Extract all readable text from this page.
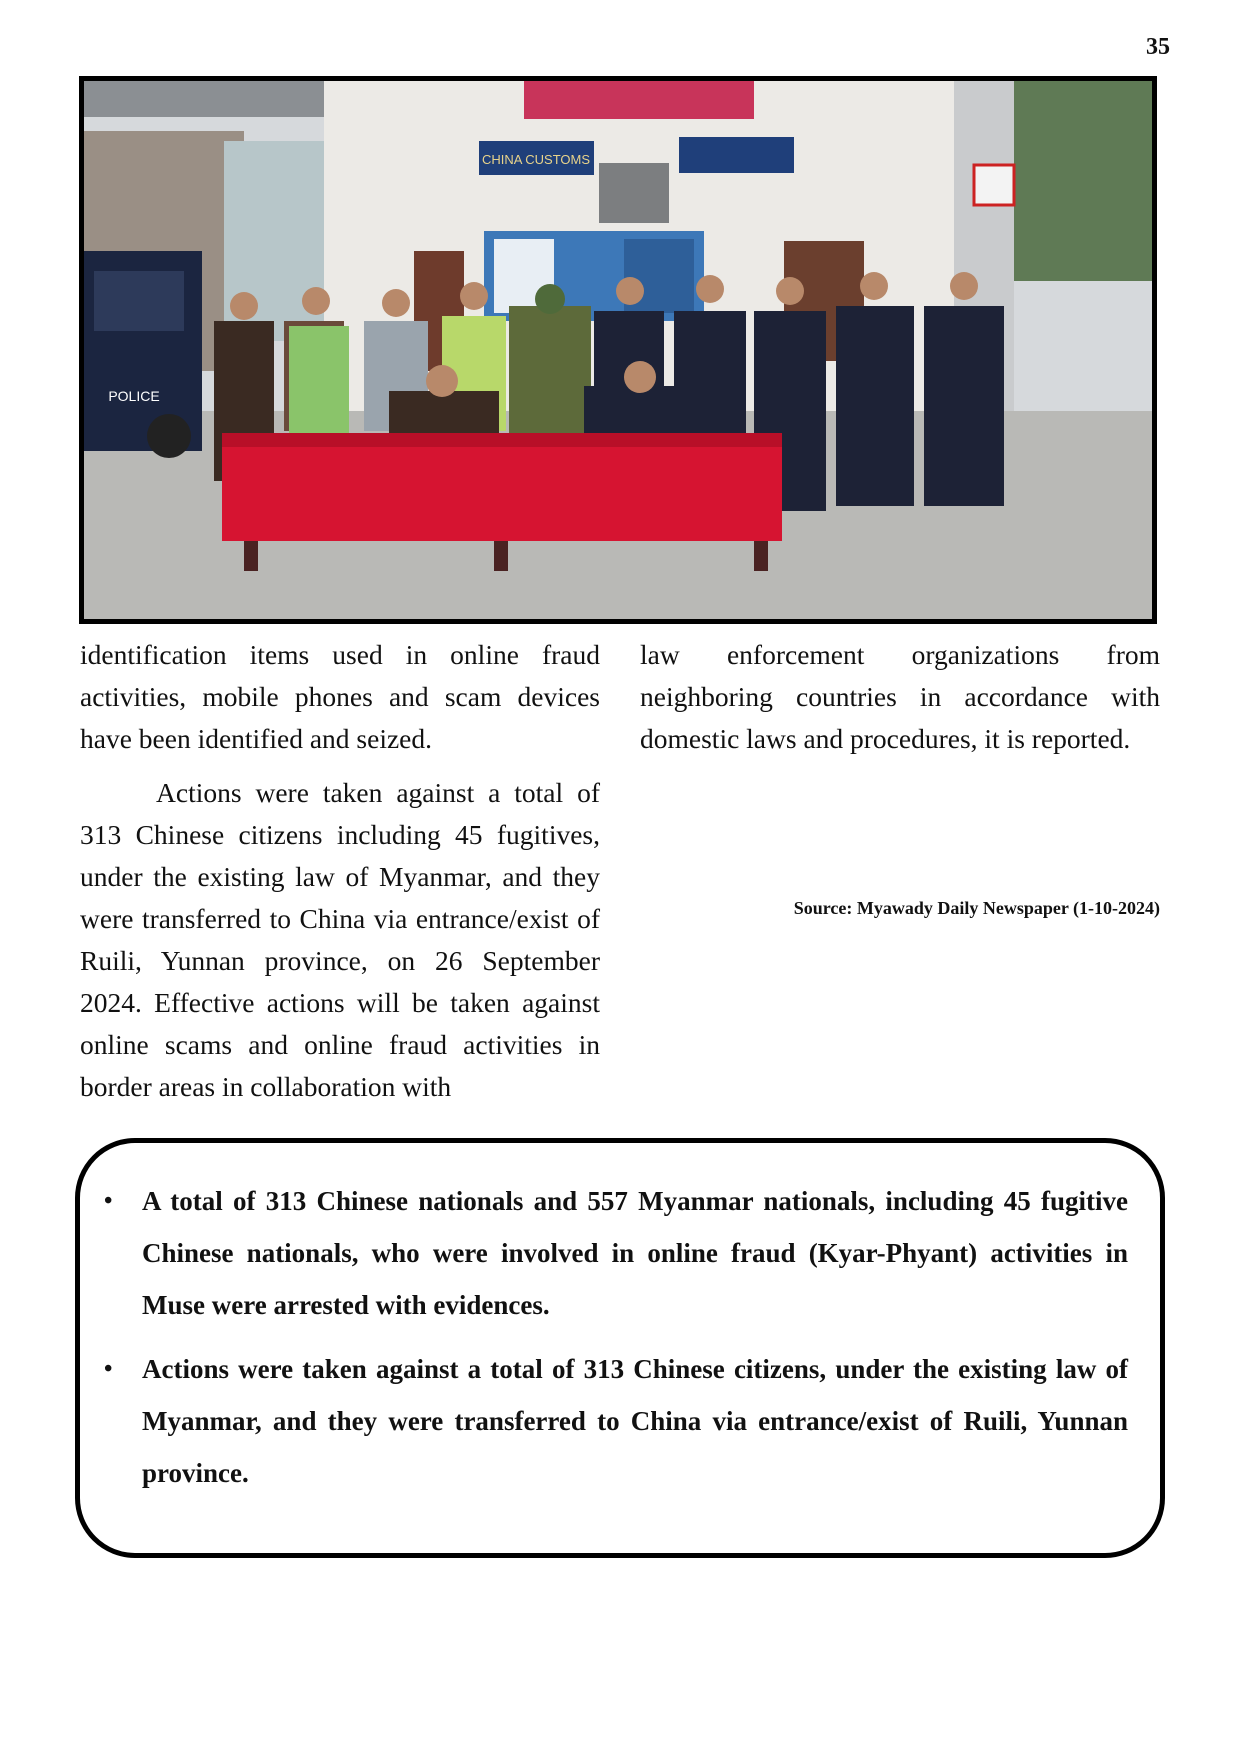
35
CHINA CUSTOMS
POLICE

identification items used in online fraud activities, mobile phones and scam devices have been identified and seized.

Actions were taken against a total of 313 Chinese citizens including 45 fugitives, under the existing law of Myanmar, and they were transferred to China via entrance/exist of Ruili, Yunnan province, on 26 September 2024. Effective actions will be taken against online scams and online fraud activities in border areas in collaboration with

law enforcement organizations from neighboring countries in accordance with domestic laws and procedures, it is reported.

Source: Myawady Daily Newspaper (1-10-2024)
• A total of 313 Chinese nationals and 557 Myanmar nationals, including 45 fugitive Chinese nationals, who were involved in online fraud (Kyar-Phyant) activities in Muse were arrested with evidences.
• Actions were taken against a total of 313 Chinese citizens, under the existing law of Myanmar, and they were transferred to China via entrance/exist of Ruili, Yunnan province.
